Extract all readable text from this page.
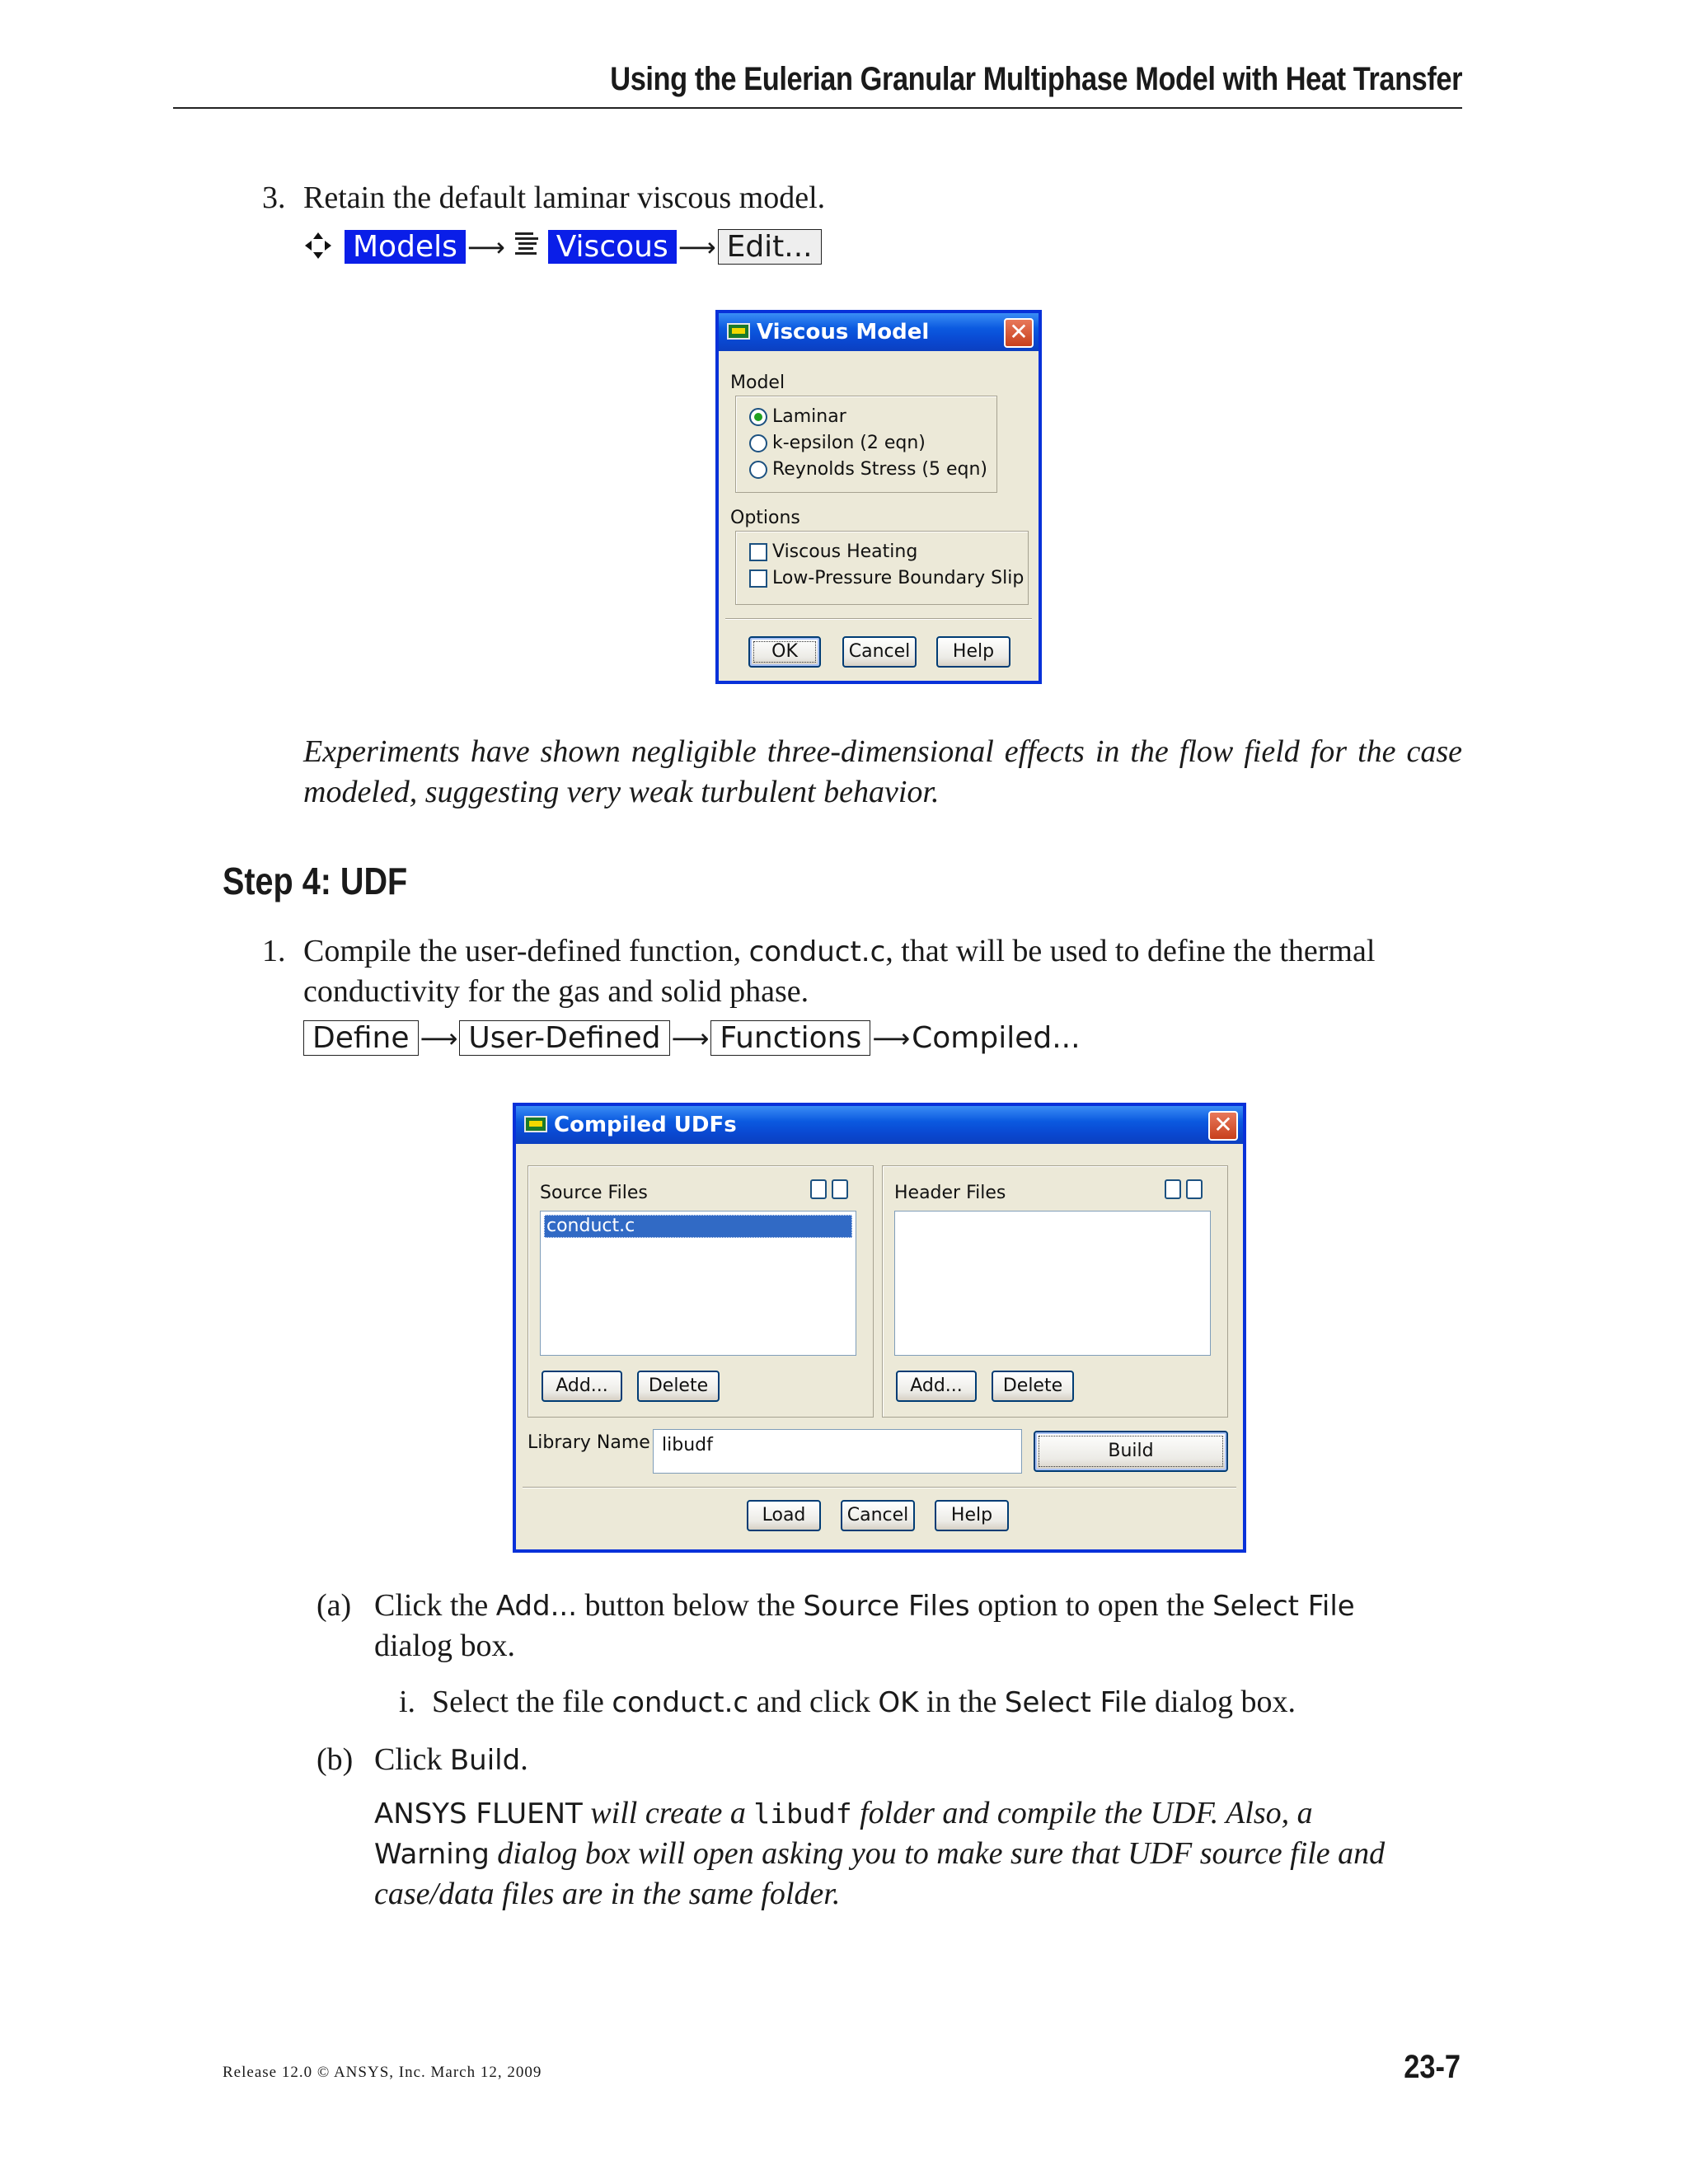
Using the Eulerian Granular Multiphase Model with Heat Transfer
3. Retain the default laminar viscous model.
Models ⟶ Viscous ⟶ Edit...
Viscous Model	✕
Model
Laminar
k-epsilon (2 eqn)
Reynolds Stress (5 eqn)
Options
Viscous Heating
Low-Pressure Boundary Slip
OK	Cancel	Help
Experiments have shown negligible three-dimensional effects in the flow field for the case modeled, suggesting very weak turbulent behavior.
Step 4: UDF
1. Compile the user-defined function, conduct.c, that will be used to define the thermal
conductivity for the gas and solid phase.
Define ⟶ User-Defined ⟶ Functions ⟶Compiled...
Compiled UDFs	✕
Source Files
conduct.c
Add...	Delete
Header Files
Add...	Delete
Library Name libudf	Build
Load	Cancel	Help
(a) Click the Add... button below the Source Files option to open the Select File
dialog box.
i. Select the file conduct.c and click OK in the Select File dialog box.
(b) Click Build.
ANSYS FLUENT will create a libudf folder and compile the UDF. Also, a
Warning dialog box will open asking you to make sure that UDF source file and
case/data files are in the same folder.
Release 12.0 © ANSYS, Inc. March 12, 2009	23-7
